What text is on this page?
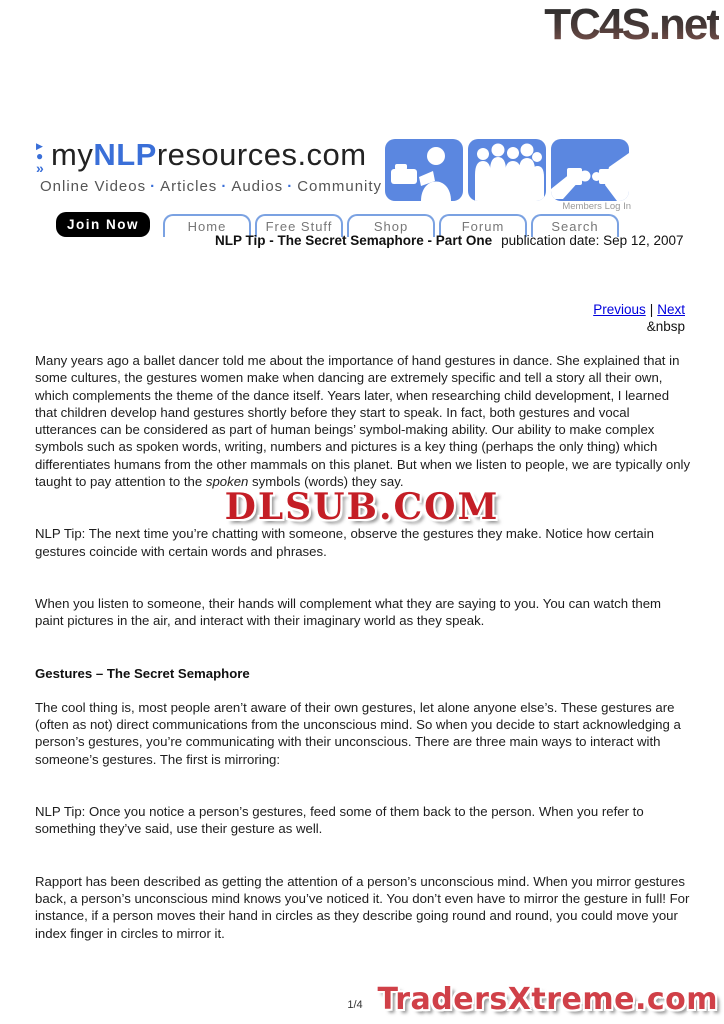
TC4S.net
▶
●
» myNLPresources.com
Online Videos · Articles · Audios · Community
Members Log In
Join Now	Home	Free Stuff	Shop	Forum	Search
NLP Tip - The Secret Semaphore - Part One publication date: Sep 12, 2007
Previous | Next
&nbsp

Many years ago a ballet dancer told me about the importance of hand gestures in dance. She explained that in some cultures, the gestures women make when dancing are extremely specific and tell a story all their own, which complements the theme of the dance itself. Years later, when researching child development, I learned that children develop hand gestures shortly before they start to speak. In fact, both gestures and vocal utterances can be considered as part of human beings’ symbol-making ability. Our ability to make complex symbols such as spoken words, writing, numbers and pictures is a key thing (perhaps the only thing) which differentiates humans from the other mammals on this planet. But when we listen to people, we are typically only taught to pay attention to the spoken symbols (words) they say.

NLP Tip: The next time you’re chatting with someone, observe the gestures they make. Notice how certain gestures coincide with certain words and phrases.

When you listen to someone, their hands will complement what they are saying to you. You can watch them paint pictures in the air, and interact with their imaginary world as they speak.

Gestures – The Secret Semaphore

The cool thing is, most people aren’t aware of their own gestures, let alone anyone else’s. These gestures are (often as not) direct communications from the unconscious mind. So when you decide to start acknowledging a person’s gestures, you’re communicating with their unconscious. There are three main ways to interact with someone’s gestures. The first is mirroring:

NLP Tip: Once you notice a person’s gestures, feed some of them back to the person. When you refer to something they’ve said, use their gesture as well.

Rapport has been described as getting the attention of a person’s unconscious mind. When you mirror gestures back, a person’s unconscious mind knows you’ve noticed it. You don’t even have to mirror the gesture in full! For instance, if a person moves their hand in circles as they describe going round and round, you could move your index finger in circles to mirror it.

DLSUB.COM
1/4 TradersXtreme.com
